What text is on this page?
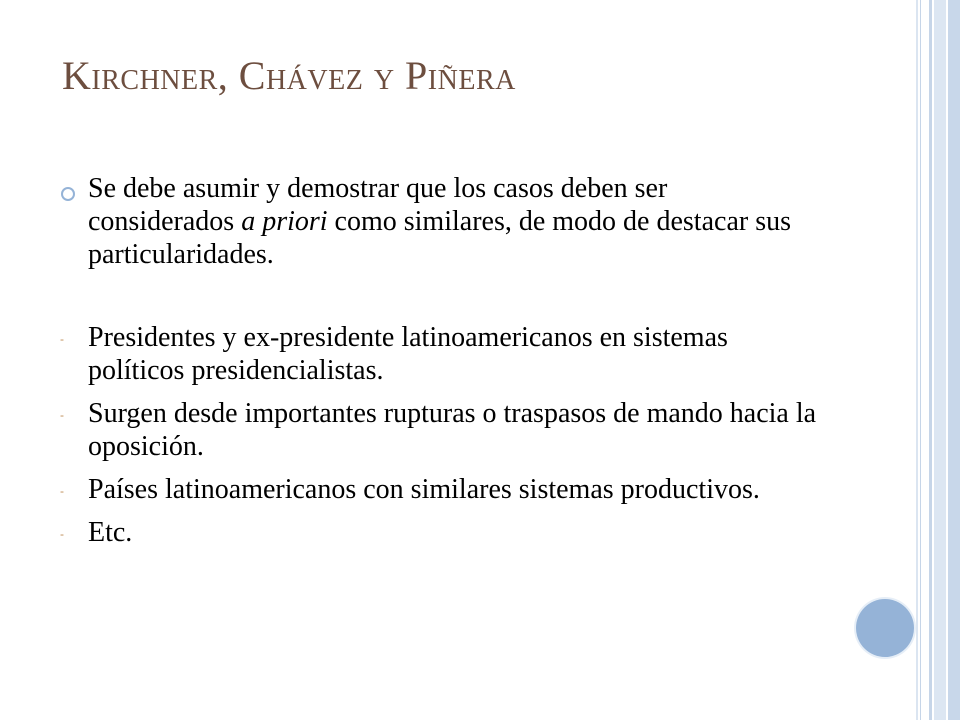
Kirchner, Chávez y Piñera
Se debe asumir y demostrar que los casos deben ser considerados a priori como similares, de modo de destacar sus particularidades.
- Presidentes y ex-presidente latinoamericanos en sistemas políticos presidencialistas.
- Surgen desde importantes rupturas o traspasos de mando hacia la oposición.
- Países latinoamericanos con similares sistemas productivos.
- Etc.
